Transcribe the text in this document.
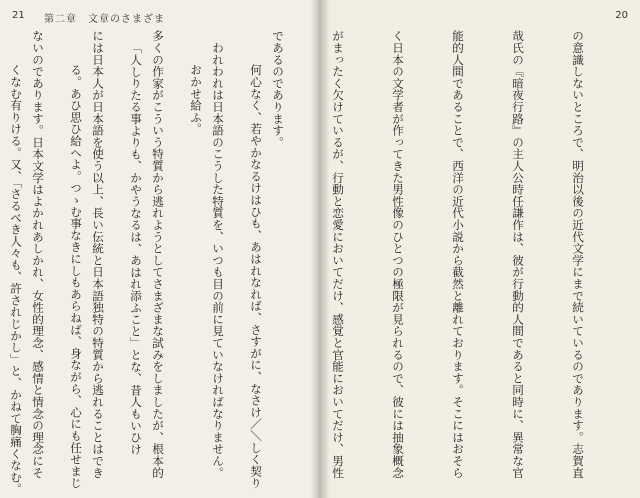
21 第二章　文章のさまざま

何心なく、若やかなるけはひも、あはれなれば、さすがに、なさけ／＼しく契り

おかせ給ふ。

「人しりたる事よりも、かやうなるは、あはれ添ふこと」とな、昔人もいひけ

る。あひ思ひ給へよ。つゝむ事なきにしもあらねば、身ながら、心にも任せまじ

くなむ有りける。又、「さるべき人々も、許されじかし」と、かねて胸痛くなむ。

20

の意識しないところで、明治以後の近代文学にまで続いているのであります。志賀直

哉氏の『暗夜行路』の主人公時任謙作は、彼が行動的人間であると同時に、異常な官

能的人間であることで、西洋の近代小説から截然と離れております。そこにはおそら

く日本の文学者が作ってきた男性像のひとつの極限が見られるので、彼には抽象概念

がまったく欠けているが、行動と恋愛においてだけ、感覚と官能においてだけ、男性

であるのであります。

　われわれは日本語のこうした特質を、いつも目の前に見ていなければなりません。

多くの作家がこういう特質から逃れようとしてさまざまな試みをしましたが、根本的

には日本人が日本語を使う以上、長い伝統と日本語独特の特質から逃れることはでき

ないのであります。日本文学はよかれあしかれ、女性的理念、感情と情念の理念にそ
